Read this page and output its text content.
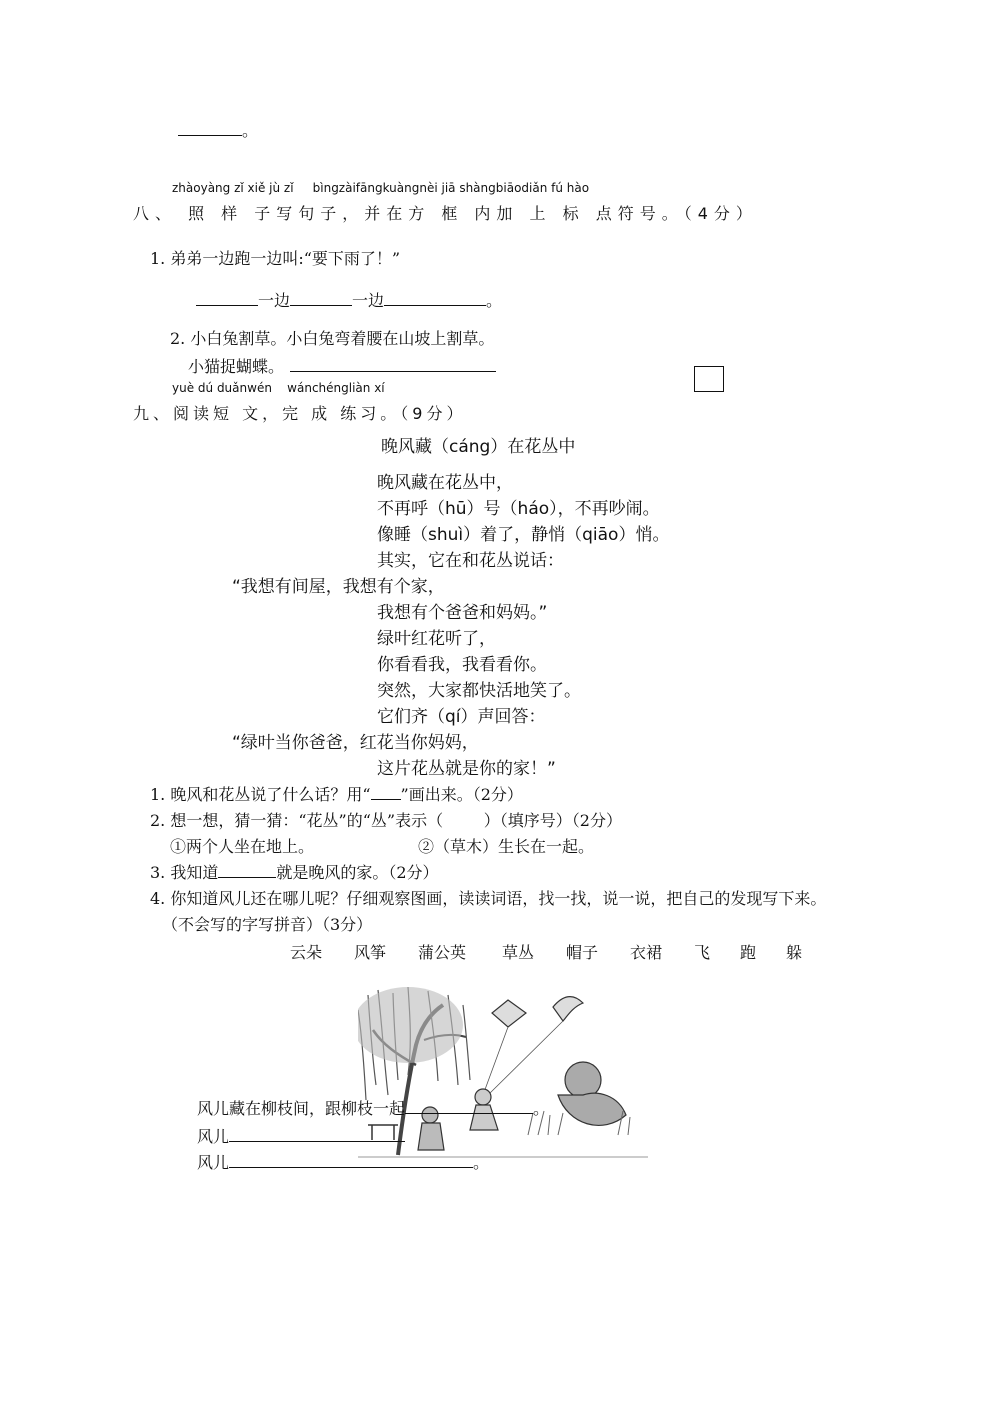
。
zhàoyàng zǐ xiě jù zǐ     bìngzàifāngkuàngnèi jiā shàngbiāodiǎn fú hào
八、 照 样 子写句子，并在方 框 内加 上 标 点符号。（4分）
1. 弟弟一边跑一边叫:“要下雨了！”
一边	一边	。
2. 小白兔割草。小白兔弯着腰在山坡上割草。
小猫捉蝴蝶。
yuè dú duǎnwén    wánchéngliàn xí
九、阅读短 文，完 成 练习。（9分）
晚风藏（cáng）在花丛中
晚风藏在花丛中，
不再呼（hū）号（háo），不再吵闹。
像睡（shuì）着了，静悄（qiāo）悄。
其实，它在和花丛说话：
“我想有间屋，我想有个家，
我想有个爸爸和妈妈。”
绿叶红花听了，
你看看我，我看看你。
突然，大家都快活地笑了。
它们齐（qí）声回答：
“绿叶当你爸爸，红花当你妈妈，
这片花丛就是你的家！”
1. 晚风和花丛说了什么话？用“ ”画出来。（2分）
2. 想一想，猜一猜：“花丛”的“丛”表示（        ）（填序号）（2分）
①两个人坐在地上。	②（草木）生长在一起。
3. 我知道	就是晚风的家。（2分）
4. 你知道风儿还在哪儿呢？仔细观察图画，读读词语，找一找，说一说，把自己的发现写下来。
（不会写的字写拼音）（3分）
云朵 风筝 蒲公英 草丛 帽子 衣裙 飞 跑 躲
风儿藏在柳枝间，跟柳枝一起	。
风儿
风儿	。
